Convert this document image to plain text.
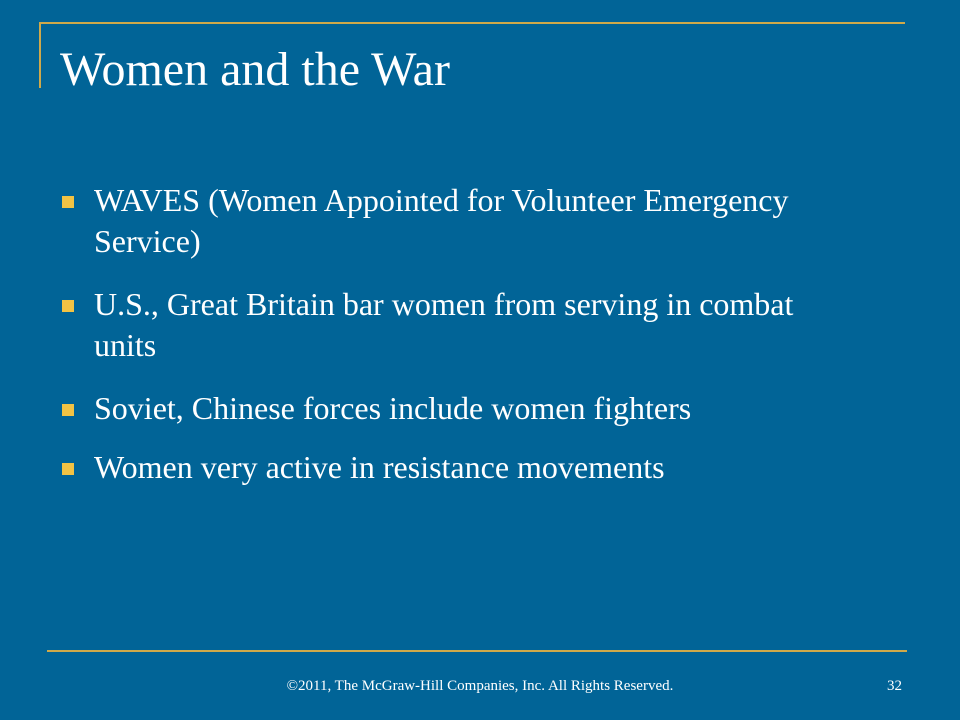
Women and the War
WAVES (Women Appointed for Volunteer Emergency Service)
U.S., Great Britain bar women from serving in combat units
Soviet, Chinese forces include women fighters
Women very active in resistance movements
©2011, The McGraw-Hill Companies, Inc. All Rights Reserved.	32
